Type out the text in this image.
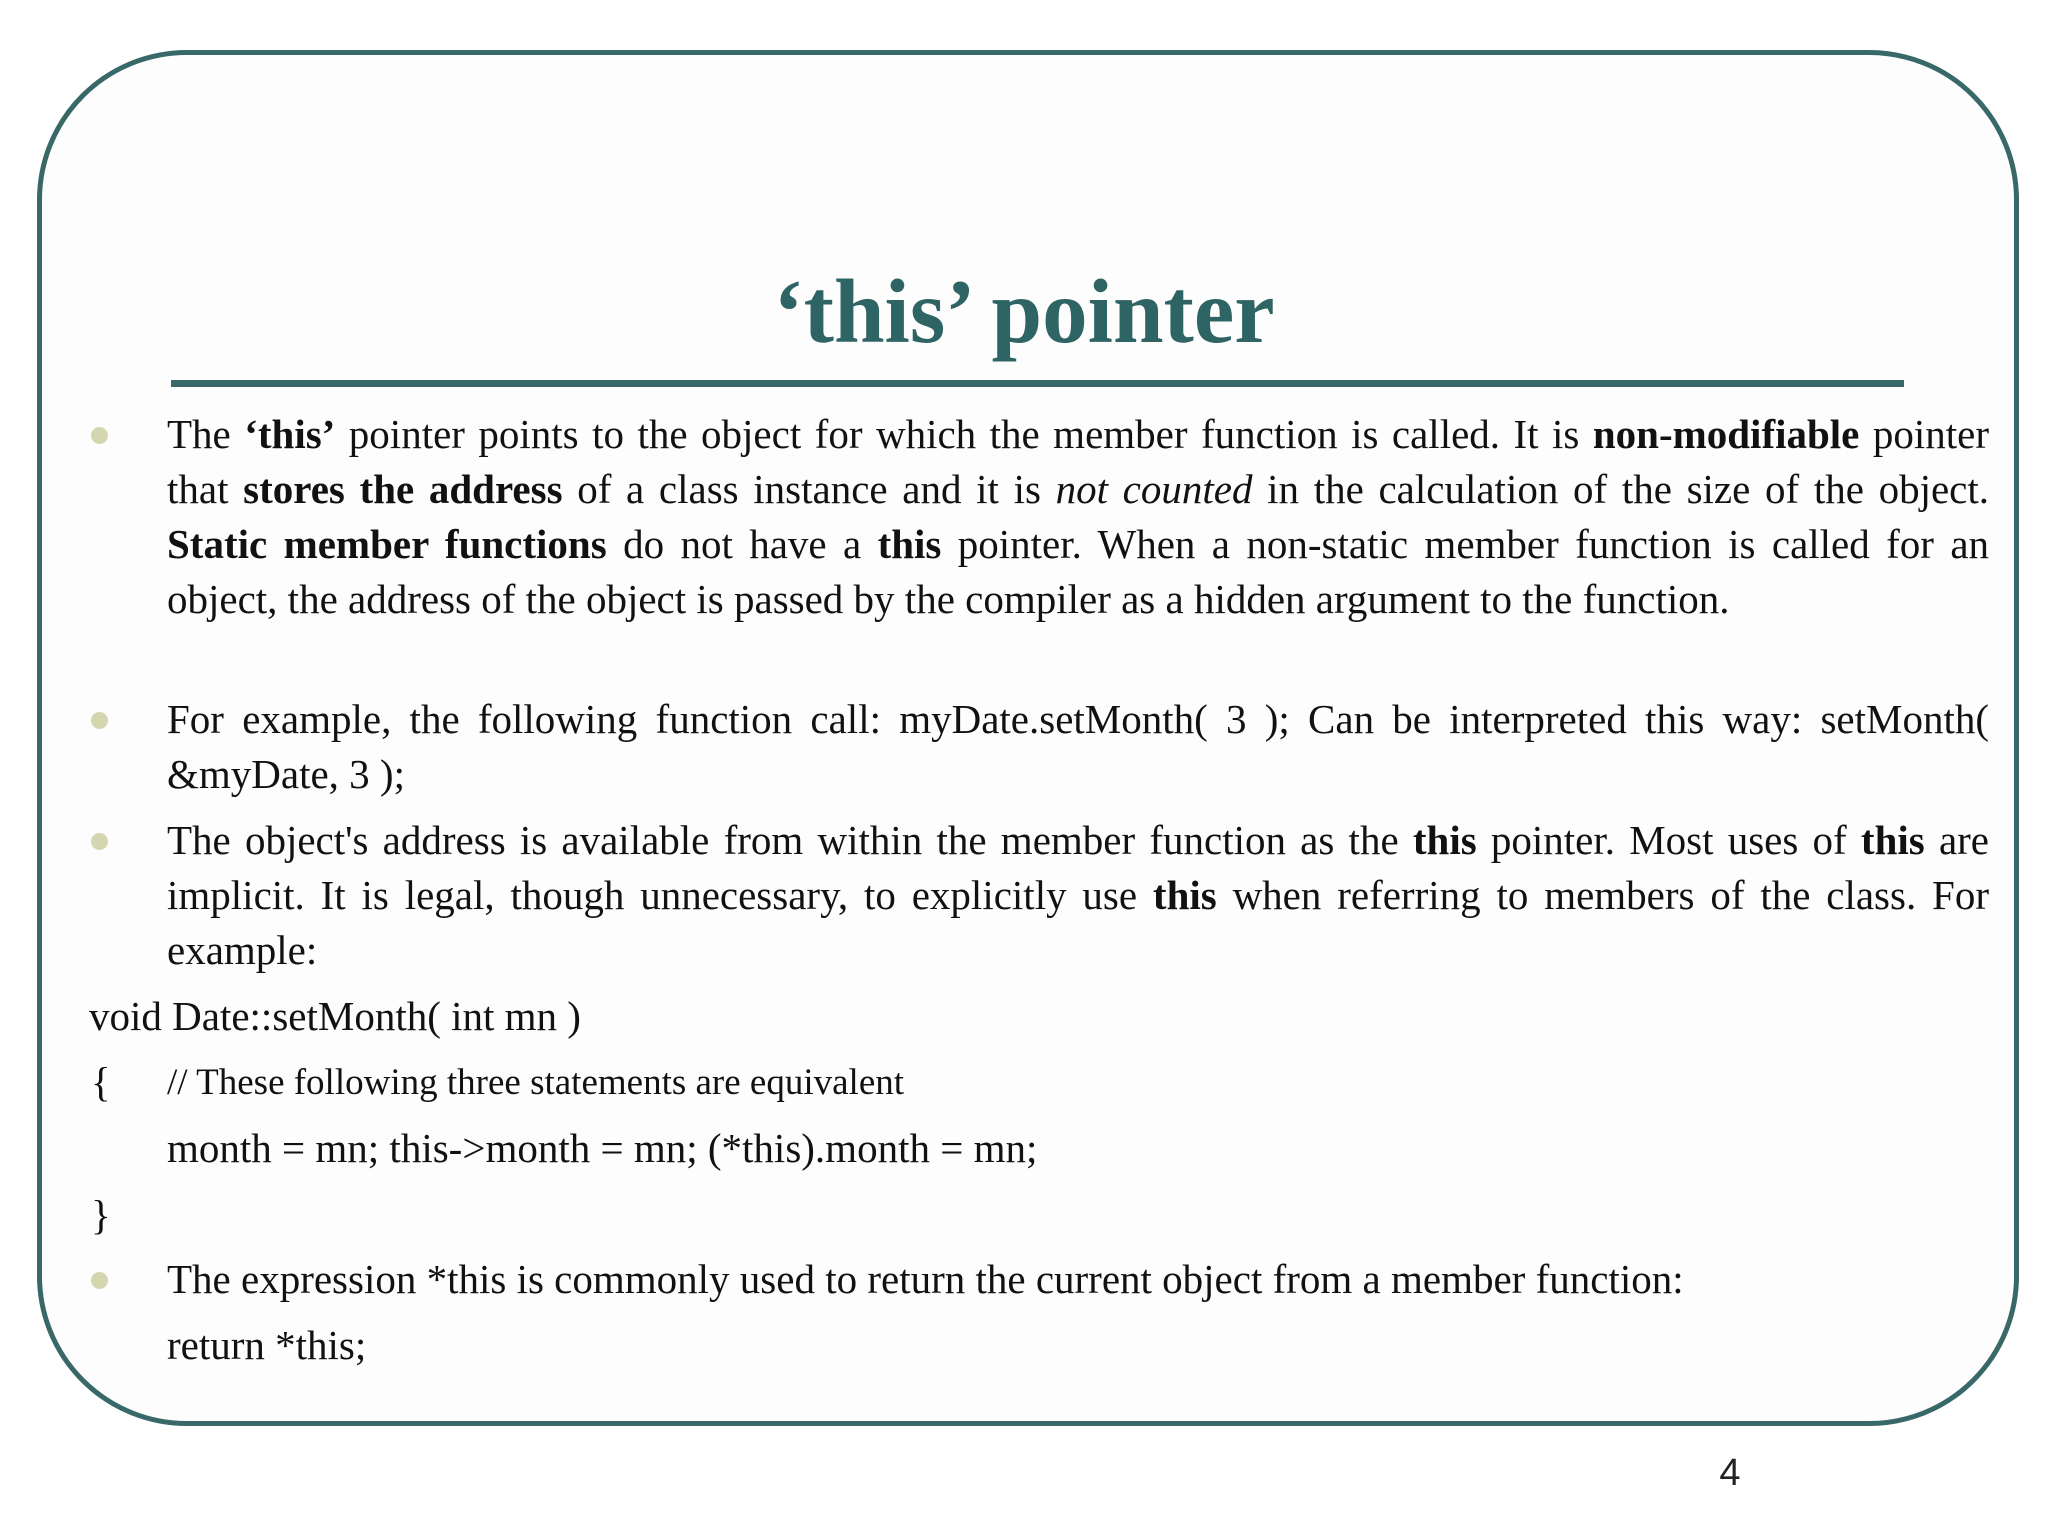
‘this’ pointer
The ‘this’ pointer points to the object for which the member function is called. It is non-modifiable pointer that stores the address of a class instance and it is not counted in the calculation of the size of the object. Static member functions do not have a this pointer. When a non-static member function is called for an object, the address of the object is passed by the compiler as a hidden argument to the function.
For example, the following function call: myDate.setMonth( 3 ); Can be interpreted this way: setMonth( &myDate, 3 );
The object's address is available from within the member function as the this pointer. Most uses of this are implicit. It is legal, though unnecessary, to explicitly use this when referring to members of the class. For example:
void Date::setMonth( int mn )
{ // These following three statements are equivalent
month = mn; this->month = mn; (*this).month = mn;
}
The expression *this is commonly used to return the current object from a member function:
return *this;
4
